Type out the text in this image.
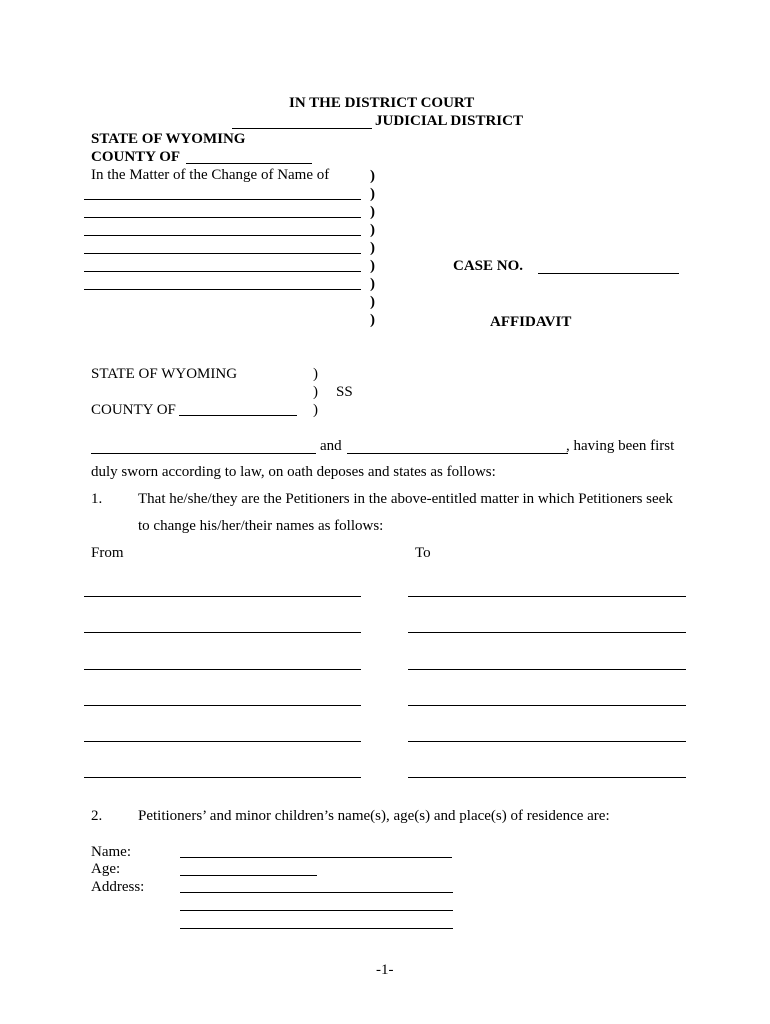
IN THE DISTRICT COURT
JUDICIAL DISTRICT
STATE OF WYOMING
COUNTY OF
In the Matter of the Change of Name of	)
)
)
)
)
)
)
)
)
CASE NO.
AFFIDAVIT
STATE OF WYOMING	)
) SS
COUNTY OF	)
and	, having been first
duly sworn according to law, on oath deposes and states as follows:
1. That he/she/they are the Petitioners in the above-entitled matter in which Petitioners seek
to change his/her/their names as follows:
From	To
2. Petitioners’ and minor children’s name(s), age(s) and place(s) of residence are:
Name:
Age:
Address:
-1-
